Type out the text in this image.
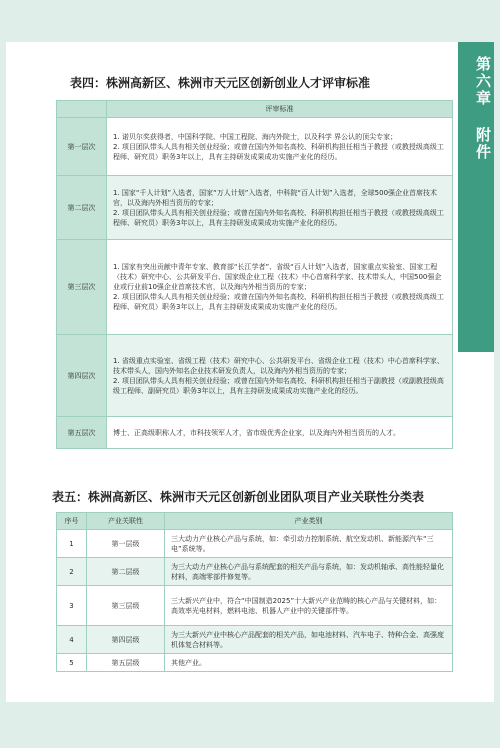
第六章 附件
表四：株洲高新区、株洲市天元区创新创业人才评审标准
	评审标准
第一层次	1. 诺贝尔奖获得者，中国科学院、中国工程院、海内外院士，以及科学 界公认的顶尖专家；
2. 项目团队带头人具有相关创业经验；或曾在国内外知名高校、科研机构担任相当于教授（或教授级高级工程师、研究员）职务3年以上，具有主持研发成果成功实施产业化的经历。

第二层次	1. 国家“千人计划”入选者，国家“万人计划”入选者，中科院“百人计划”入选者，全球500强企业首席技术官，以及海内外相当资历的专家；
2. 项目团队带头人具有相关创业经验；或曾在国内外知名高校、科研机构担任相当于教授（或教授级高级工程师、研究员）职务3年以上，具有主持研发成果成功实施产业化的经历。

第三层次	1. 国家有突出贡献中青年专家、教育部“长江学者”、省级“百人计划”入选者，国家重点实验室、国家工程（技术）研究中心、公共研发平台、国家级企业工程（技术）中心首席科学家、技术带头人，中国500强企业或行业前10强企业首席技术官，以及海内外相当资历的专家；
2. 项目团队带头人具有相关创业经验；或曾在国内外知名高校、科研机构担任相当于教授（或教授级高级工程师、研究员）职务3年以上，具有主持研发成果成功实施产业化的经历。

第四层次	1. 省级重点实验室、省级工程（技术）研究中心、公共研发平台、省级企业工程（技术）中心首席科学家、技术带头人，国内外知名企业技术研发负责人，以及海内外相当资历的专家；
2. 项目团队带头人具有相关创业经验；或曾在国内外知名高校、科研机构担任相当于副教授（或副教授级高级工程师、副研究员）职务3年以上，具有主持研发成果成功实施产业化的经历。

第五层次	博士、正高级职称人才，市科技领军人才，省市级优秀企业家，以及海内外相当资历的人才。
表五：株洲高新区、株洲市天元区创新创业团队项目产业关联性分类表
序号	产业关联性	产业类别
1	第一层级	三大动力产业核心产品与系统，如：牵引动力控制系统、航空发动机、新能源汽车“三电”系统等。
2	第二层级	为三大动力产业核心产品与系统配套的相关产品与系统，如：发动机轴承、高性能轻量化材料，高端零部件修复等。
3	第三层级	三大新兴产业中，符合“中国制造2025”十大新兴产业范畴的核心产品与关键材料，如：高效率光电材料，燃料电池、机器人产业中的关键部件等。
4	第四层级	为三大新兴产业中核心产品配套的相关产品，如电池材料、汽车电子、特种合金、高强度机体复合材料等。
5	第五层级	其他产业。
